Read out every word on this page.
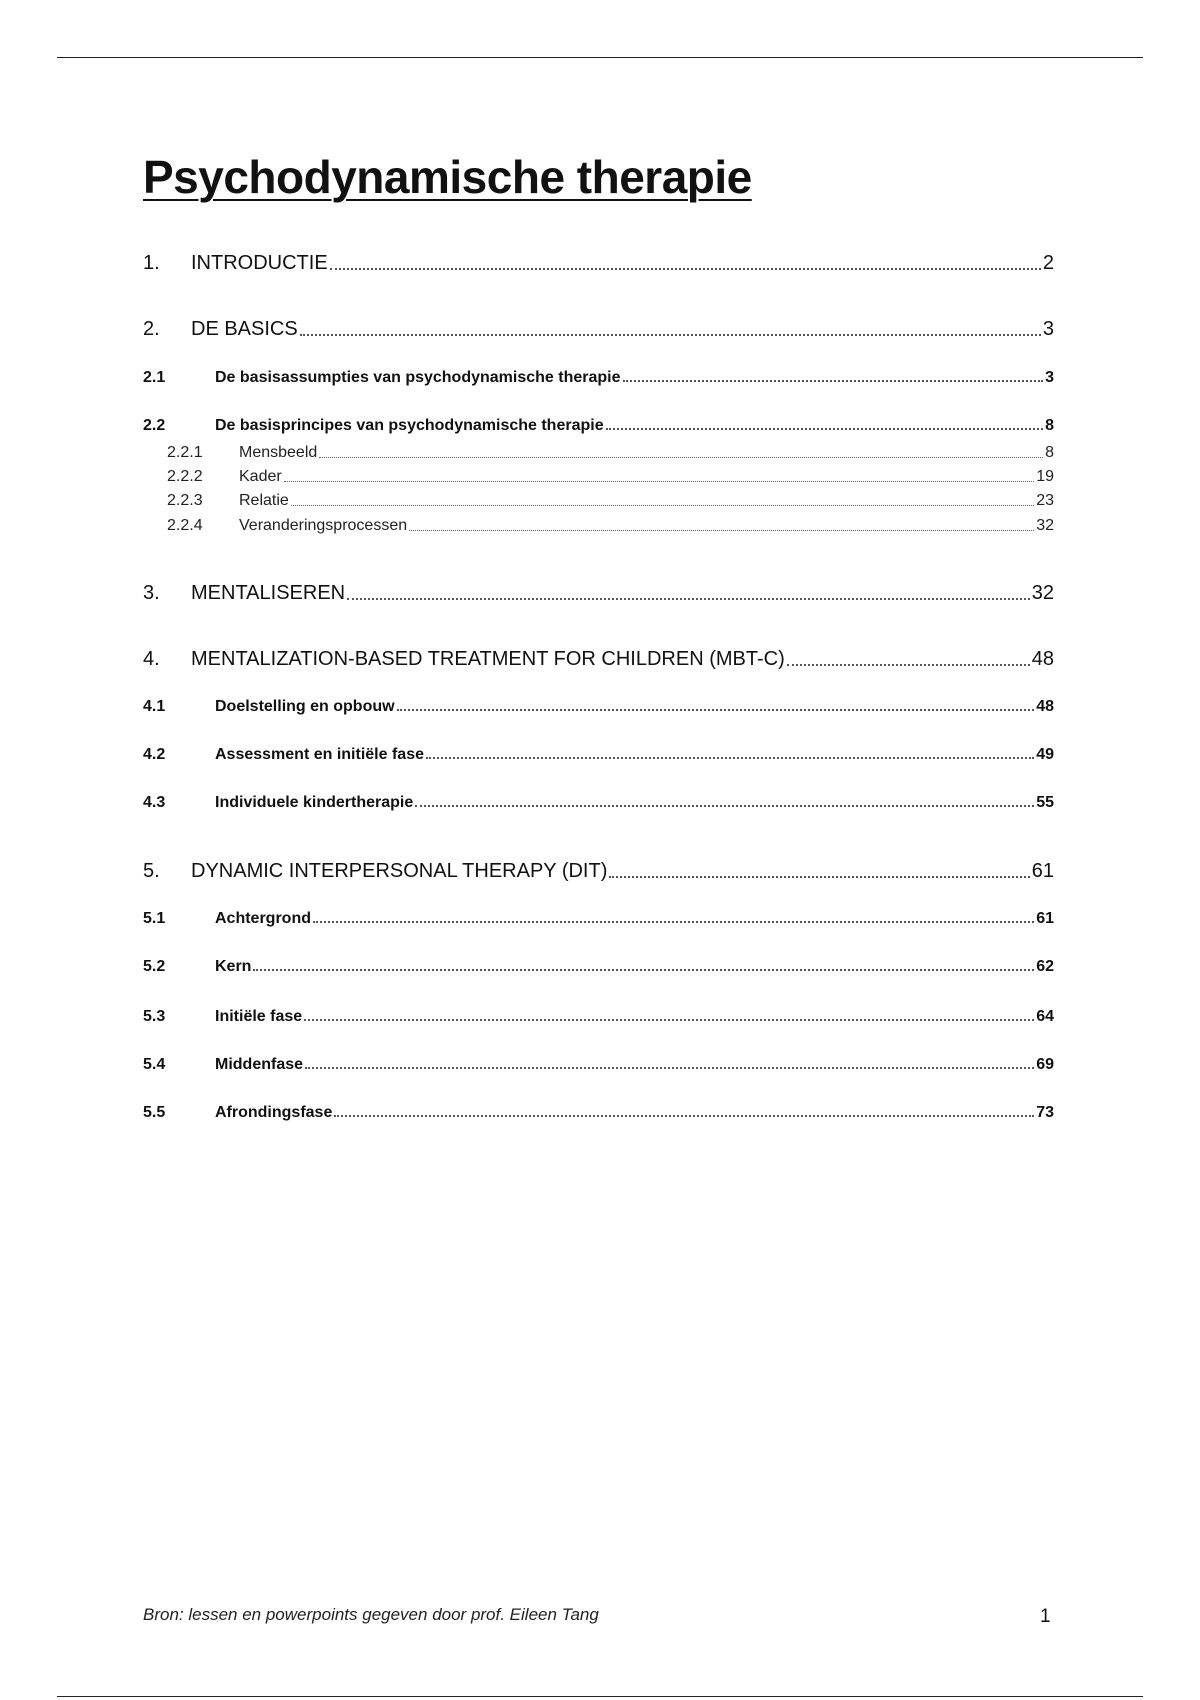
Psychodynamische therapie
1.	INTRODUCTIE	2
2.	DE BASICS	3
2.1	De basisassumpties van psychodynamische therapie	3
2.2	De basisprincipes van psychodynamische therapie	8
2.2.1	Mensbeeld	8
2.2.2	Kader	19
2.2.3	Relatie	23
2.2.4	Veranderingsprocessen	32
3.	MENTALISEREN	32
4.	MENTALIZATION-BASED TREATMENT FOR CHILDREN (MBT-C)	48
4.1	Doelstelling en opbouw	48
4.2	Assessment en initiële fase	49
4.3	Individuele kindertherapie	55
5.	DYNAMIC INTERPERSONAL THERAPY (DIT)	61
5.1	Achtergrond	61
5.2	Kern	62
5.3	Initiële fase	64
5.4	Middenfase	69
5.5	Afrondingsfase	73
Bron: lessen en powerpoints gegeven door prof. Eileen Tang	1
